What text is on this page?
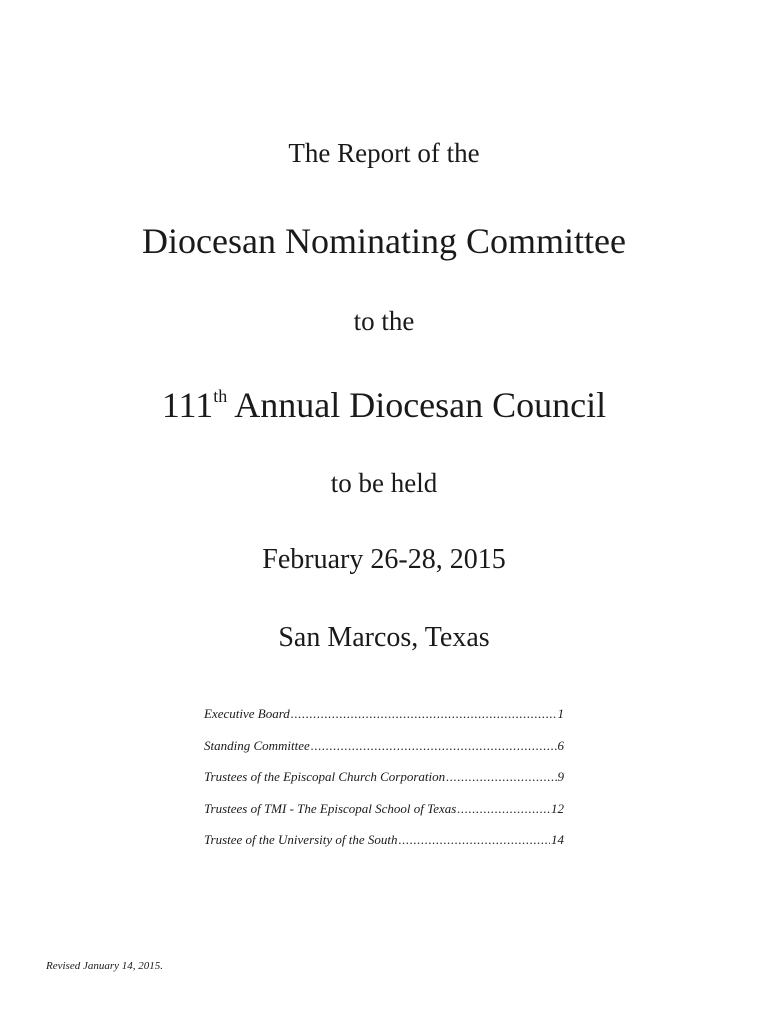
The Report of the
Diocesan Nominating Committee
to the
111th Annual Diocesan Council
to be held
February 26-28, 2015
San Marcos, Texas
Executive Board .....	1
Standing Committee .....	6
Trustees of the Episcopal Church Corporation .....	9
Trustees of TMI - The Episcopal School of Texas .....	12
Trustee of the University of the South .....	14
Revised January 14, 2015.
